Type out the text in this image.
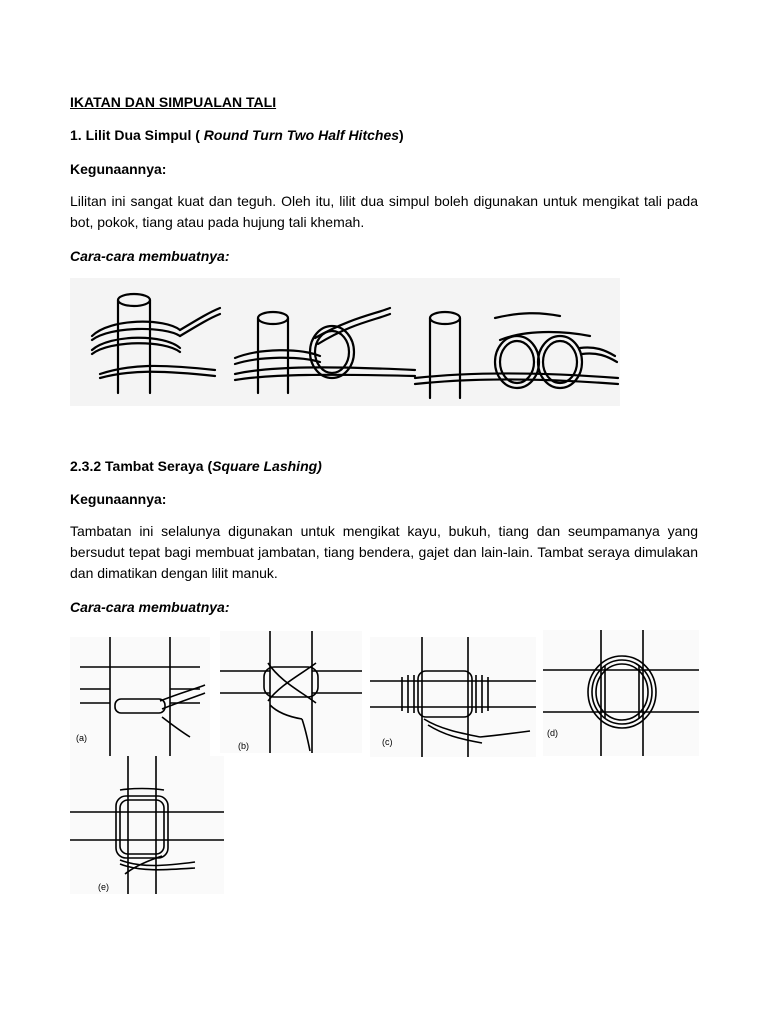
IKATAN DAN SIMPUALAN TALI

1. Lilit Dua Simpul ( Round Turn Two Half Hitches)

Kegunaannya:

Lilitan ini sangat kuat dan teguh. Oleh itu, lilit dua simpul boleh digunakan untuk mengikat tali pada bot, pokok, tiang atau pada hujung tali khemah.

Cara-cara membuatnya:

2.3.2 Tambat Seraya (Square Lashing)

Kegunaannya:

Tambatan ini selalunya digunakan untuk mengikat kayu, bukuh, tiang dan seumpamanya yang bersudut tepat bagi membuat jambatan, tiang bendera, gajet dan lain-lain. Tambat seraya dimulakan dan dimatikan dengan lilit manuk.

Cara-cara membuatnya:

(a)
(b)	(c)
(d)
(e)
